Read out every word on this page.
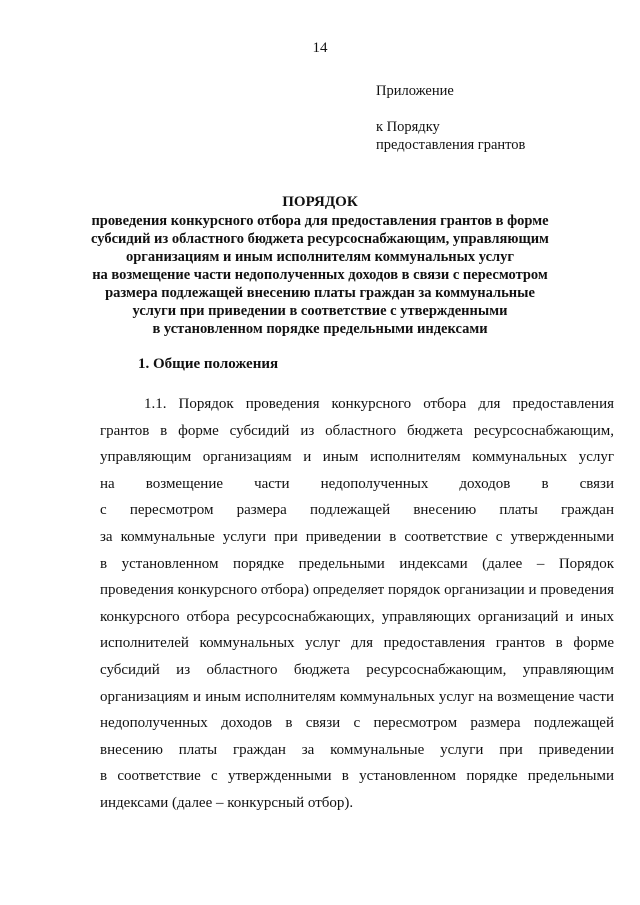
14
Приложение
к Порядку
предоставления грантов
ПОРЯДОК
проведения конкурсного отбора для предоставления грантов в форме
субсидий из областного бюджета ресурсоснабжающим, управляющим
организациям и иным исполнителям коммунальных услуг
на возмещение части недополученных доходов в связи с пересмотром
размера подлежащей внесению платы граждан за коммунальные
услуги при приведении в соответствие с утвержденными
в установленном порядке предельными индексами
1. Общие положения
1.1. Порядок проведения конкурсного отбора для предоставления
грантов в форме субсидий из областного бюджета ресурсоснабжающим,
управляющим организациям и иным исполнителям коммунальных услуг
на возмещение части недополученных доходов в связи
с пересмотром размера подлежащей внесению платы граждан
за коммунальные услуги при приведении в соответствие с утвержденными
в установленном порядке предельными индексами (далее – Порядок
проведения конкурсного отбора) определяет порядок организации и проведения
конкурсного отбора ресурсоснабжающих, управляющих организаций и иных
исполнителей коммунальных услуг для предоставления грантов в форме
субсидий из областного бюджета ресурсоснабжающим, управляющим
организациям и иным исполнителям коммунальных услуг на возмещение части
недополученных доходов в связи с пересмотром размера подлежащей
внесению платы граждан за коммунальные услуги при приведении
в соответствие с утвержденными в установленном порядке предельными
индексами (далее – конкурсный отбор).
